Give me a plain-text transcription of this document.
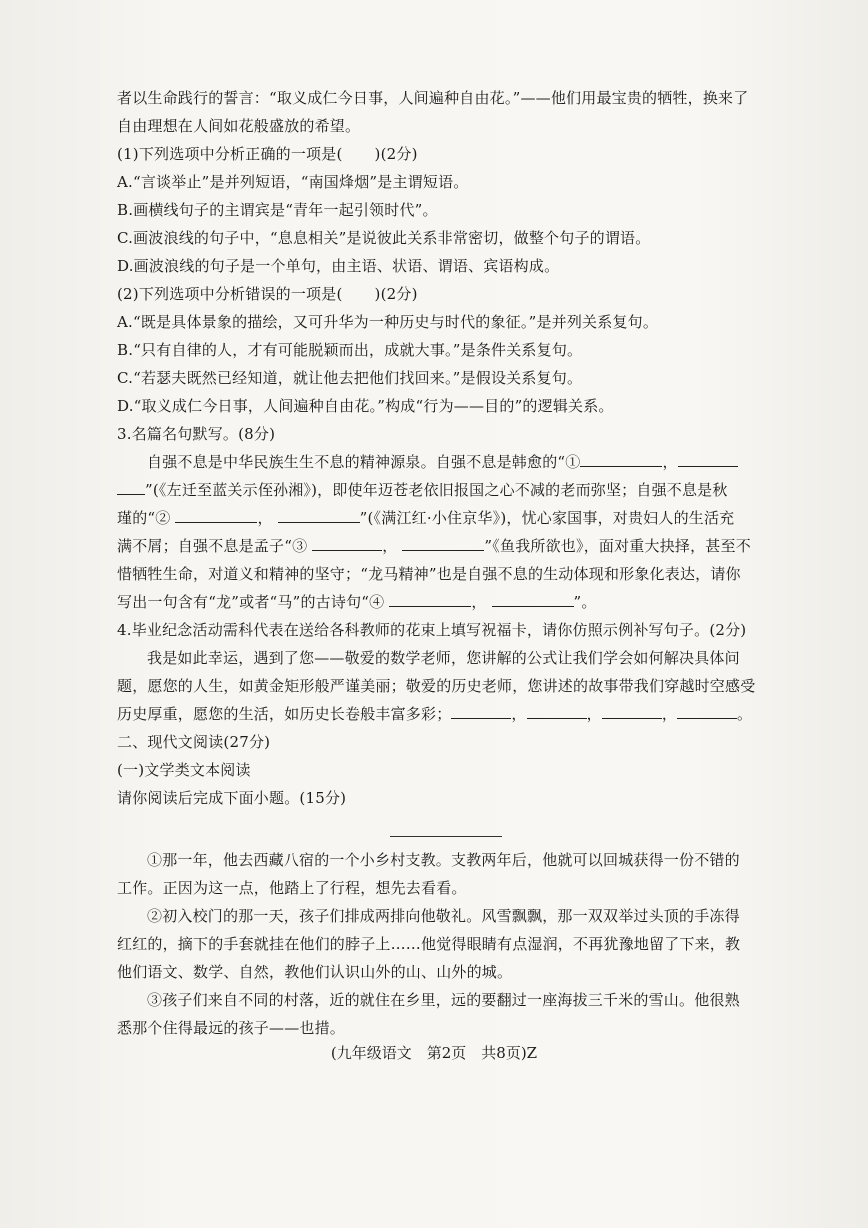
者以生命践行的誓言：“取义成仁今日事，人间遍种自由花。”——他们用最宝贵的牺牲，换来了
自由理想在人间如花般盛放的希望。
(1)下列选项中分析正确的一项是( )(2分)
A.“言谈举止”是并列短语，“南国烽烟”是主谓短语。
B.画横线句子的主谓宾是“青年一起引领时代”。
C.画波浪线的句子中，“息息相关”是说彼此关系非常密切，做整个句子的谓语。
D.画波浪线的句子是一个单句，由主语、状语、谓语、宾语构成。
(2)下列选项中分析错误的一项是( )(2分)
A.“既是具体景象的描绘，又可升华为一种历史与时代的象征。”是并列关系复句。
B.“只有自律的人，才有可能脱颖而出，成就大事。”是条件关系复句。
C.“若瑟夫既然已经知道，就让他去把他们找回来。”是假设关系复句。
D.“取义成仁今日事，人间遍种自由花。”构成“行为——目的”的逻辑关系。
3.名篇名句默写。(8分)
自强不息是中华民族生生不息的精神源泉。自强不息是韩愈的“①	，
”(《左迁至蓝关示侄孙湘》)，即使年迈苍老依旧报国之心不减的老而弥坚；自强不息是秋
瑾的“②	，	”(《满江红·小住京华》)，忧心家国事，对贵妇人的生活充
满不屑；自强不息是孟子“③	，	”《鱼我所欲也》，面对重大抉择，甚至不
惜牺牲生命，对道义和精神的坚守；“龙马精神”也是自强不息的生动体现和形象化表达，请你
写出一句含有“龙”或者“马”的古诗句“④	，	”。
4.毕业纪念活动需科代表在送给各科教师的花束上填写祝福卡，请你仿照示例补写句子。(2分)
我是如此幸运，遇到了您——敬爱的数学老师，您讲解的公式让我们学会如何解决具体问
题，愿您的人生，如黄金矩形般严谨美丽；敬爱的历史老师，您讲述的故事带我们穿越时空感受
历史厚重，愿您的生活，如历史长卷般丰富多彩；	，	，	，	。
二、现代文阅读(27分)
(一)文学类文本阅读
请你阅读后完成下面小题。(15分)
①那一年，他去西藏八宿的一个小乡村支教。支教两年后，他就可以回城获得一份不错的
工作。正因为这一点，他踏上了行程，想先去看看。
②初入校门的那一天，孩子们排成两排向他敬礼。风雪飘飘，那一双双举过头顶的手冻得
红红的，摘下的手套就挂在他们的脖子上……他觉得眼睛有点湿润，不再犹豫地留了下来，教
他们语文、数学、自然，教他们认识山外的山、山外的城。
③孩子们来自不同的村落，近的就住在乡里，远的要翻过一座海拔三千米的雪山。他很熟
悉那个住得最远的孩子——也措。
(九年级语文　第2页　共8页)Z
